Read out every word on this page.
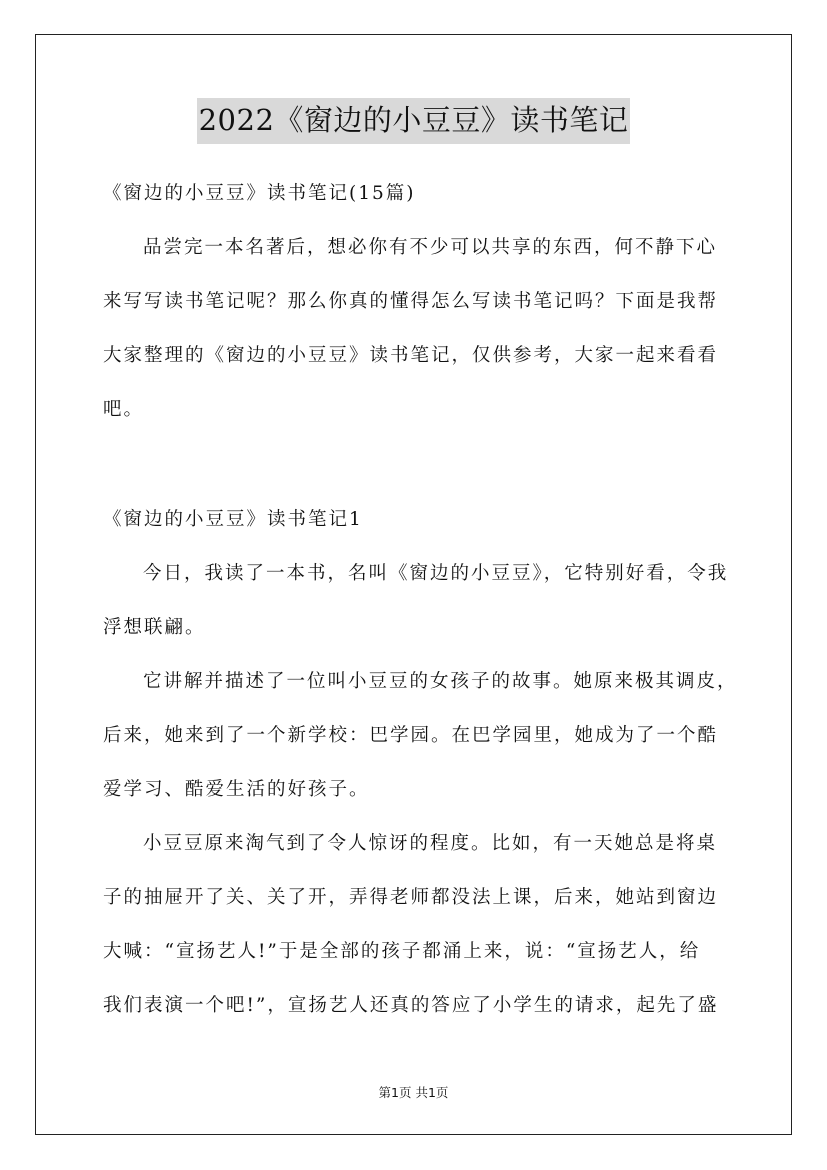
2022《窗边的小豆豆》读书笔记
《窗边的小豆豆》读书笔记(15篇)
品尝完一本名著后，想必你有不少可以共享的东西，何不静下心
来写写读书笔记呢？那么你真的懂得怎么写读书笔记吗？下面是我帮
大家整理的《窗边的小豆豆》读书笔记，仅供参考，大家一起来看看
吧。
《窗边的小豆豆》读书笔记1
今日，我读了一本书，名叫《窗边的小豆豆》，它特别好看，令我
浮想联翩。
它讲解并描述了一位叫小豆豆的女孩子的故事。她原来极其调皮，
后来，她来到了一个新学校：巴学园。在巴学园里，她成为了一个酷
爱学习、酷爱生活的好孩子。
小豆豆原来淘气到了令人惊讶的程度。比如，有一天她总是将桌
子的抽屉开了关、关了开，弄得老师都没法上课，后来，她站到窗边
大喊：“宣扬艺人!”于是全部的孩子都涌上来，说：“宣扬艺人，给
我们表演一个吧!”，宣扬艺人还真的答应了小学生的请求，起先了盛
第1页 共1页
